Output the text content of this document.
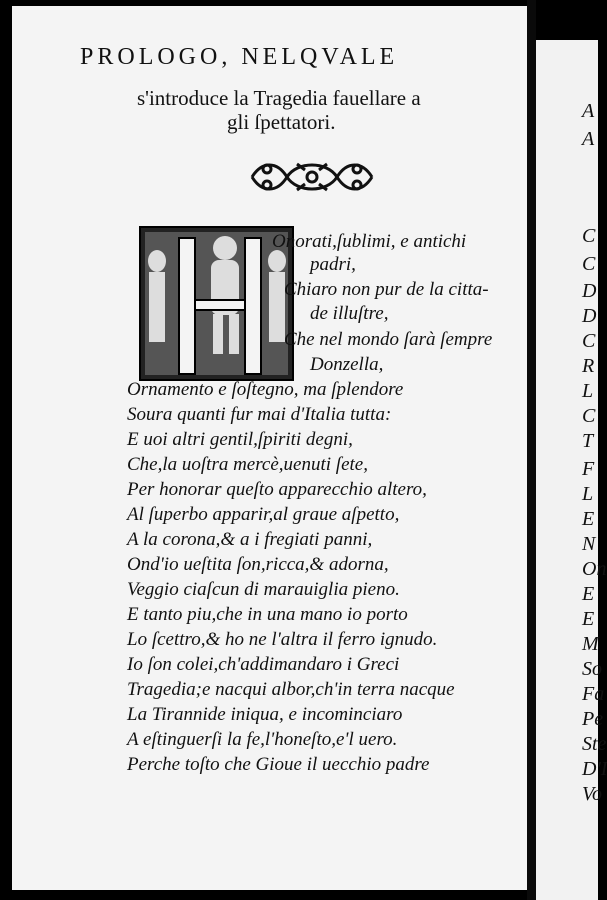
PROLOGO, NELQVALE
s'introduce la Tragedia fauellare a
gli ſpettatori.
Onorati,ſublimi, e antichi
padri,
Chiaro non pur de la citta-
de illuſtre,
Che nel mondo ſarà ſempre
Donzella,
Ornamento e ſoſtegno, ma ſplendore
Soura quanti fur mai d'Italia tutta:
E uoi altri gentil,ſpiriti degni,
Che,la uoſtra mercè,uenuti ſete,
Per honorar queſto apparecchio altero,
Al ſuperbo apparir,al graue aſpetto,
A la corona,& a i fregiati panni,
Ond'io ueſtita ſon,ricca,& adorna,
Veggio ciaſcun di marauiglia pieno.
E tanto piu,che in una mano io porto
Lo ſcettro,& ho ne l'altra il ferro ignudo.
Io ſon colei,ch'addimandaro i Greci
Tragedia;e nacqui albor,ch'in terra nacque
La Tirannide iniqua, e incominciaro
A eſtinguerſi la fe,l'honeſto,e'l uero.
Perche toſto che Gioue il uecchio padre
A
A
C
C
D
D
C
R
L
C
T
F
L
E
N
On
E
E
M
So
Fa
Pe
Ste
D'I
Vo
